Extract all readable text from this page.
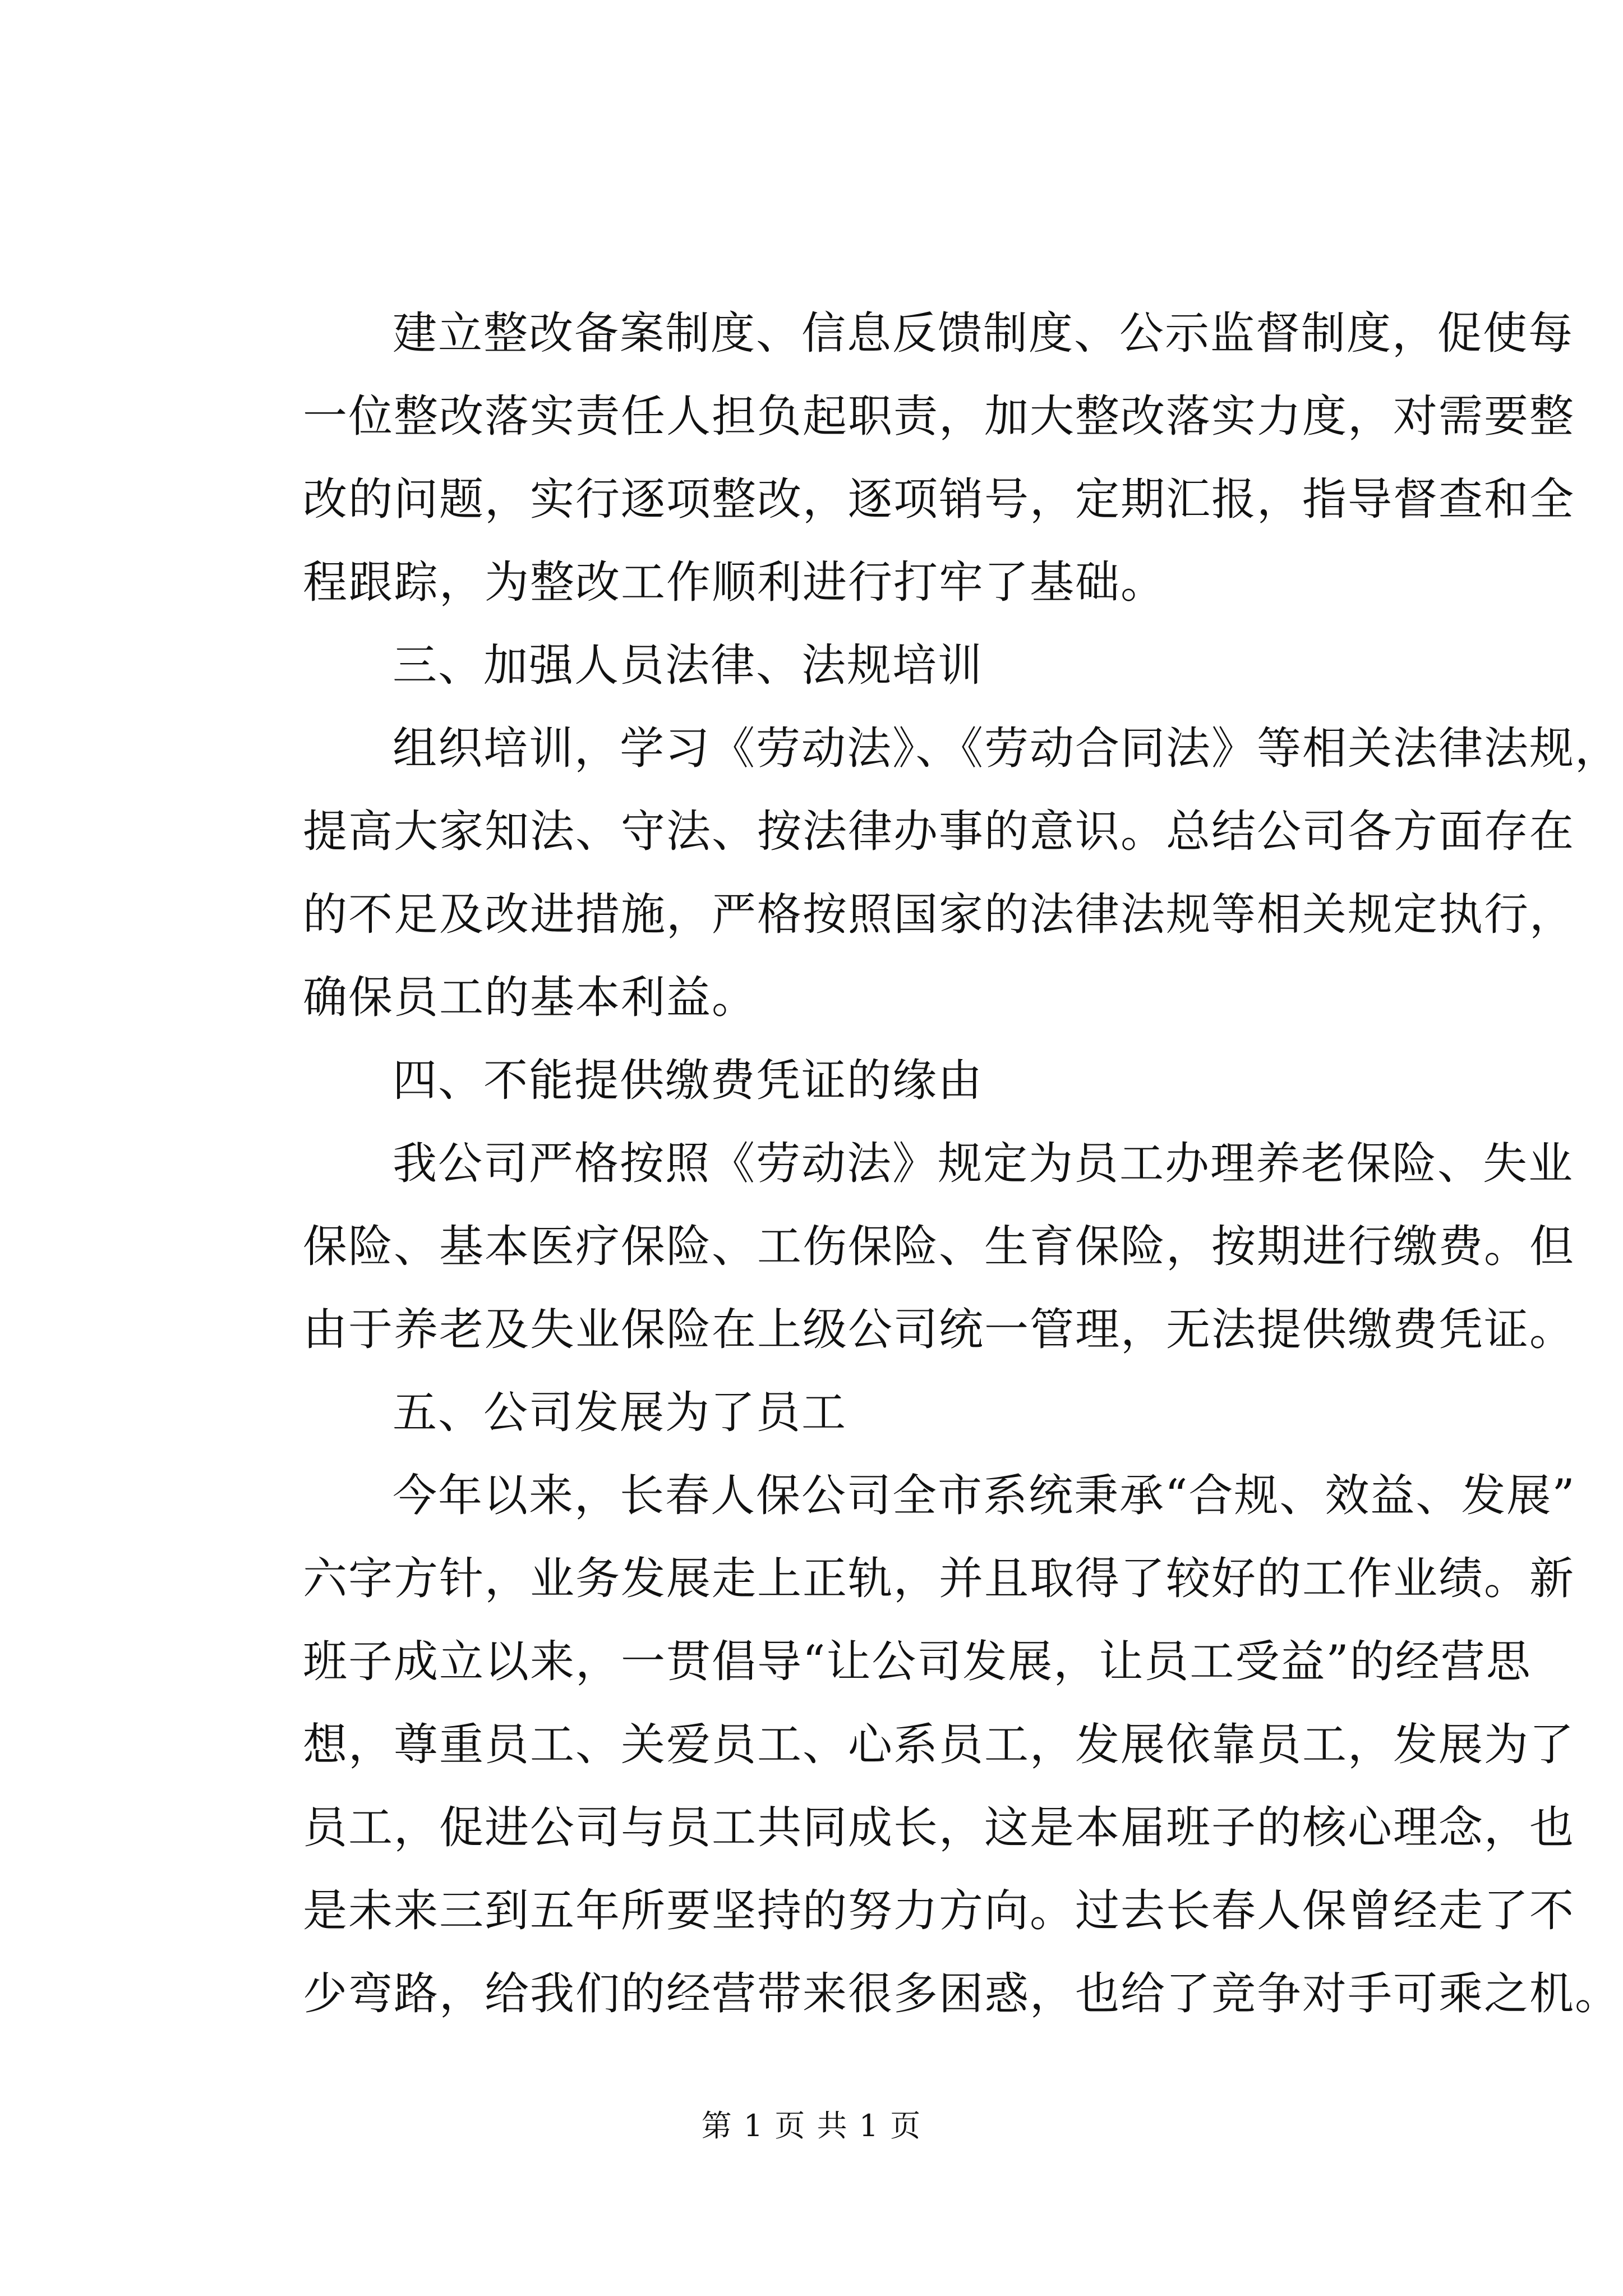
建立整改备案制度、信息反馈制度、公示监督制度，促使每
一位整改落实责任人担负起职责，加大整改落实力度，对需要整
改的问题，实行逐项整改，逐项销号，定期汇报，指导督查和全
程跟踪，为整改工作顺利进行打牢了基础。
三、加强人员法律、法规培训
组织培训，学习《劳动法》、《劳动合同法》等相关法律法规，
提高大家知法、守法、按法律办事的意识。总结公司各方面存在
的不足及改进措施，严格按照国家的法律法规等相关规定执行，
确保员工的基本利益。
四、不能提供缴费凭证的缘由
我公司严格按照《劳动法》规定为员工办理养老保险、失业
保险、基本医疗保险、工伤保险、生育保险，按期进行缴费。但
由于养老及失业保险在上级公司统一管理，无法提供缴费凭证。
五、公司发展为了员工
今年以来，长春人保公司全市系统秉承“合规、效益、发展”
六字方针，业务发展走上正轨，并且取得了较好的工作业绩。新
班子成立以来，一贯倡导“让公司发展，让员工受益”的经营思
想，尊重员工、关爱员工、心系员工，发展依靠员工，发展为了
员工，促进公司与员工共同成长，这是本届班子的核心理念，也
是未来三到五年所要坚持的努力方向。过去长春人保曾经走了不
少弯路，给我们的经营带来很多困惑，也给了竞争对手可乘之机。
第 1 页 共 1 页
